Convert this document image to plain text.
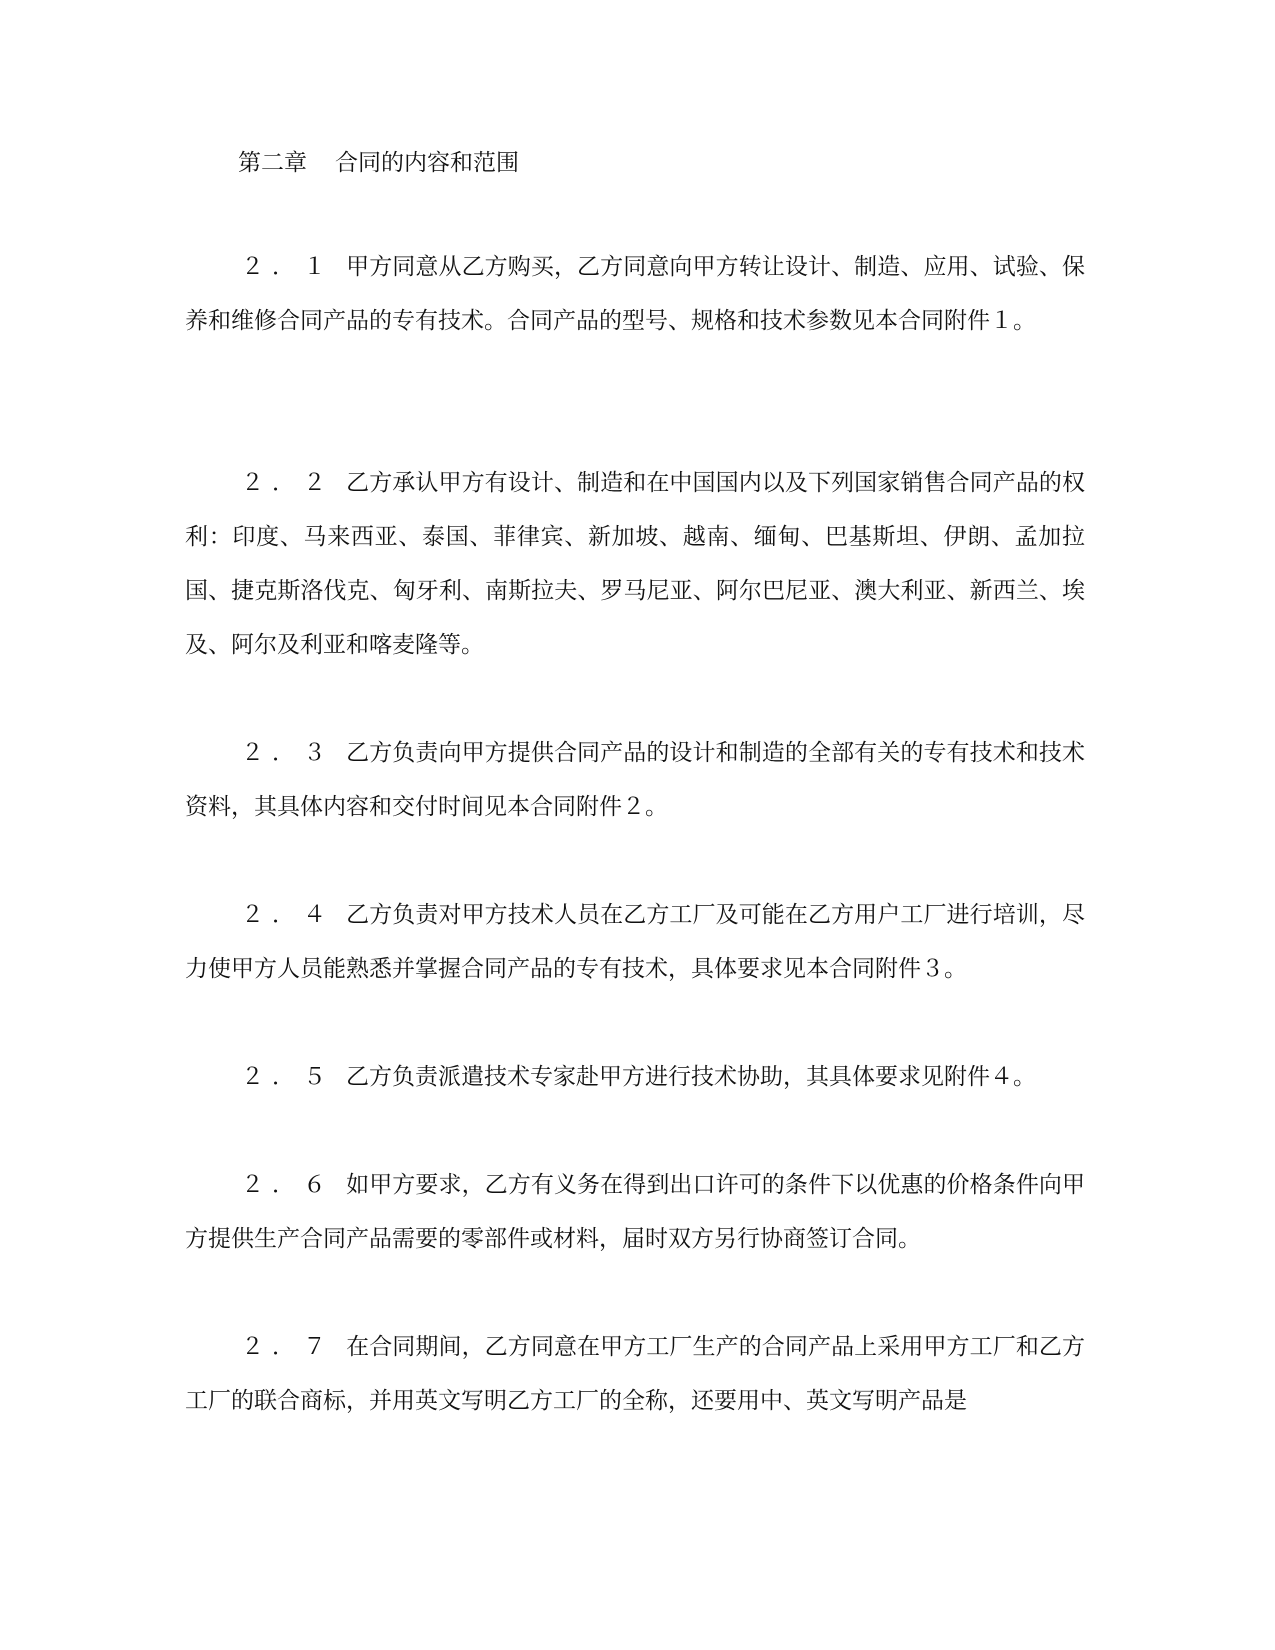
第二章 合同的内容和范围
２．１ 甲方同意从乙方购买，乙方同意向甲方转让设计、制造、应用、试验、保养和维修合同产品的专有技术。合同产品的型号、规格和技术参数见本合同附件１。
２．２ 乙方承认甲方有设计、制造和在中国国内以及下列国家销售合同产品的权利：印度、马来西亚、泰国、菲律宾、新加坡、越南、缅甸、巴基斯坦、伊朗、孟加拉国、捷克斯洛伐克、匈牙利、南斯拉夫、罗马尼亚、阿尔巴尼亚、澳大利亚、新西兰、埃及、阿尔及利亚和喀麦隆等。
２．３ 乙方负责向甲方提供合同产品的设计和制造的全部有关的专有技术和技术资料，其具体内容和交付时间见本合同附件２。
２．４ 乙方负责对甲方技术人员在乙方工厂及可能在乙方用户工厂进行培训，尽力使甲方人员能熟悉并掌握合同产品的专有技术，具体要求见本合同附件３。
２．５ 乙方负责派遣技术专家赴甲方进行技术协助，其具体要求见附件４。
２．６ 如甲方要求，乙方有义务在得到出口许可的条件下以优惠的价格条件向甲方提供生产合同产品需要的零部件或材料，届时双方另行协商签订合同。
２．７ 在合同期间，乙方同意在甲方工厂生产的合同产品上采用甲方工厂和乙方工厂的联合商标，并用英文写明乙方工厂的全称，还要用中、英文写明产品是
